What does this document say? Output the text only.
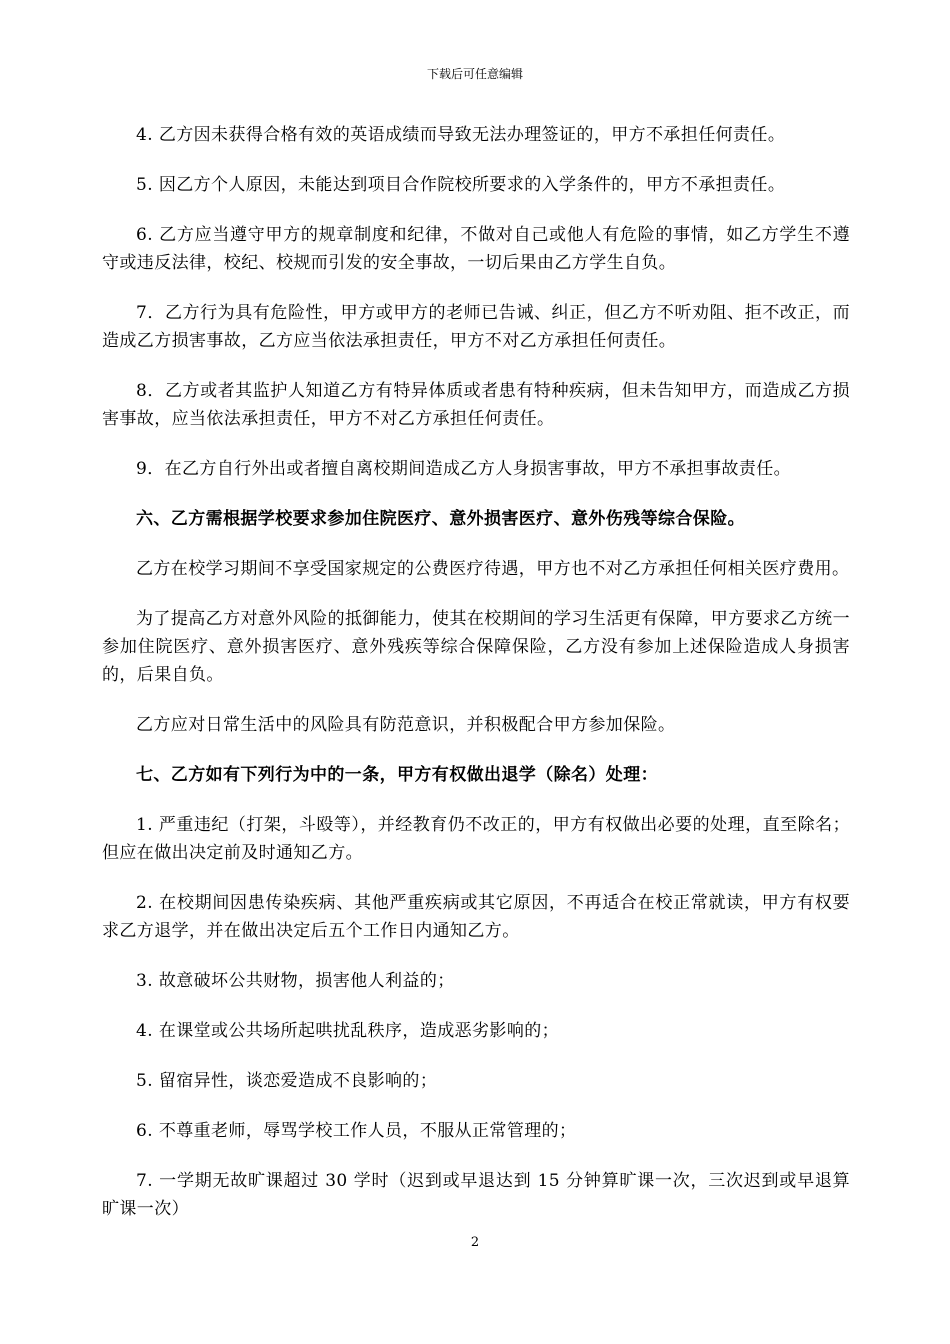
下载后可任意编辑

4. 乙方因未获得合格有效的英语成绩而导致无法办理签证的，甲方不承担任何责任。

5. 因乙方个人原因，未能达到项目合作院校所要求的入学条件的，甲方不承担责任。

6. 乙方应当遵守甲方的规章制度和纪律，不做对自己或他人有危险的事情，如乙方学生不遵守或违反法律，校纪、校规而引发的安全事故，一切后果由乙方学生自负。

7．乙方行为具有危险性，甲方或甲方的老师已告诫、纠正，但乙方不听劝阻、拒不改正，而造成乙方损害事故，乙方应当依法承担责任，甲方不对乙方承担任何责任。

8．乙方或者其监护人知道乙方有特异体质或者患有特种疾病，但未告知甲方，而造成乙方损害事故，应当依法承担责任，甲方不对乙方承担任何责任。

9．在乙方自行外出或者擅自离校期间造成乙方人身损害事故，甲方不承担事故责任。

六、乙方需根据学校要求参加住院医疗、意外损害医疗、意外伤残等综合保险。

乙方在校学习期间不享受国家规定的公费医疗待遇，甲方也不对乙方承担任何相关医疗费用。

为了提高乙方对意外风险的抵御能力，使其在校期间的学习生活更有保障，甲方要求乙方统一参加住院医疗、意外损害医疗、意外残疾等综合保障保险，乙方没有参加上述保险造成人身损害的，后果自负。

乙方应对日常生活中的风险具有防范意识，并积极配合甲方参加保险。

七、乙方如有下列行为中的一条，甲方有权做出退学（除名）处理：

1. 严重违纪（打架，斗殴等），并经教育仍不改正的，甲方有权做出必要的处理，直至除名；但应在做出决定前及时通知乙方。

2. 在校期间因患传染疾病、其他严重疾病或其它原因，不再适合在校正常就读，甲方有权要求乙方退学，并在做出决定后五个工作日内通知乙方。

3. 故意破坏公共财物，损害他人利益的；

4. 在课堂或公共场所起哄扰乱秩序，造成恶劣影响的；

5. 留宿异性，谈恋爱造成不良影响的；

6. 不尊重老师，辱骂学校工作人员，不服从正常管理的；

7. 一学期无故旷课超过 30 学时（迟到或早退达到 15 分钟算旷课一次，三次迟到或早退算旷课一次）

2
